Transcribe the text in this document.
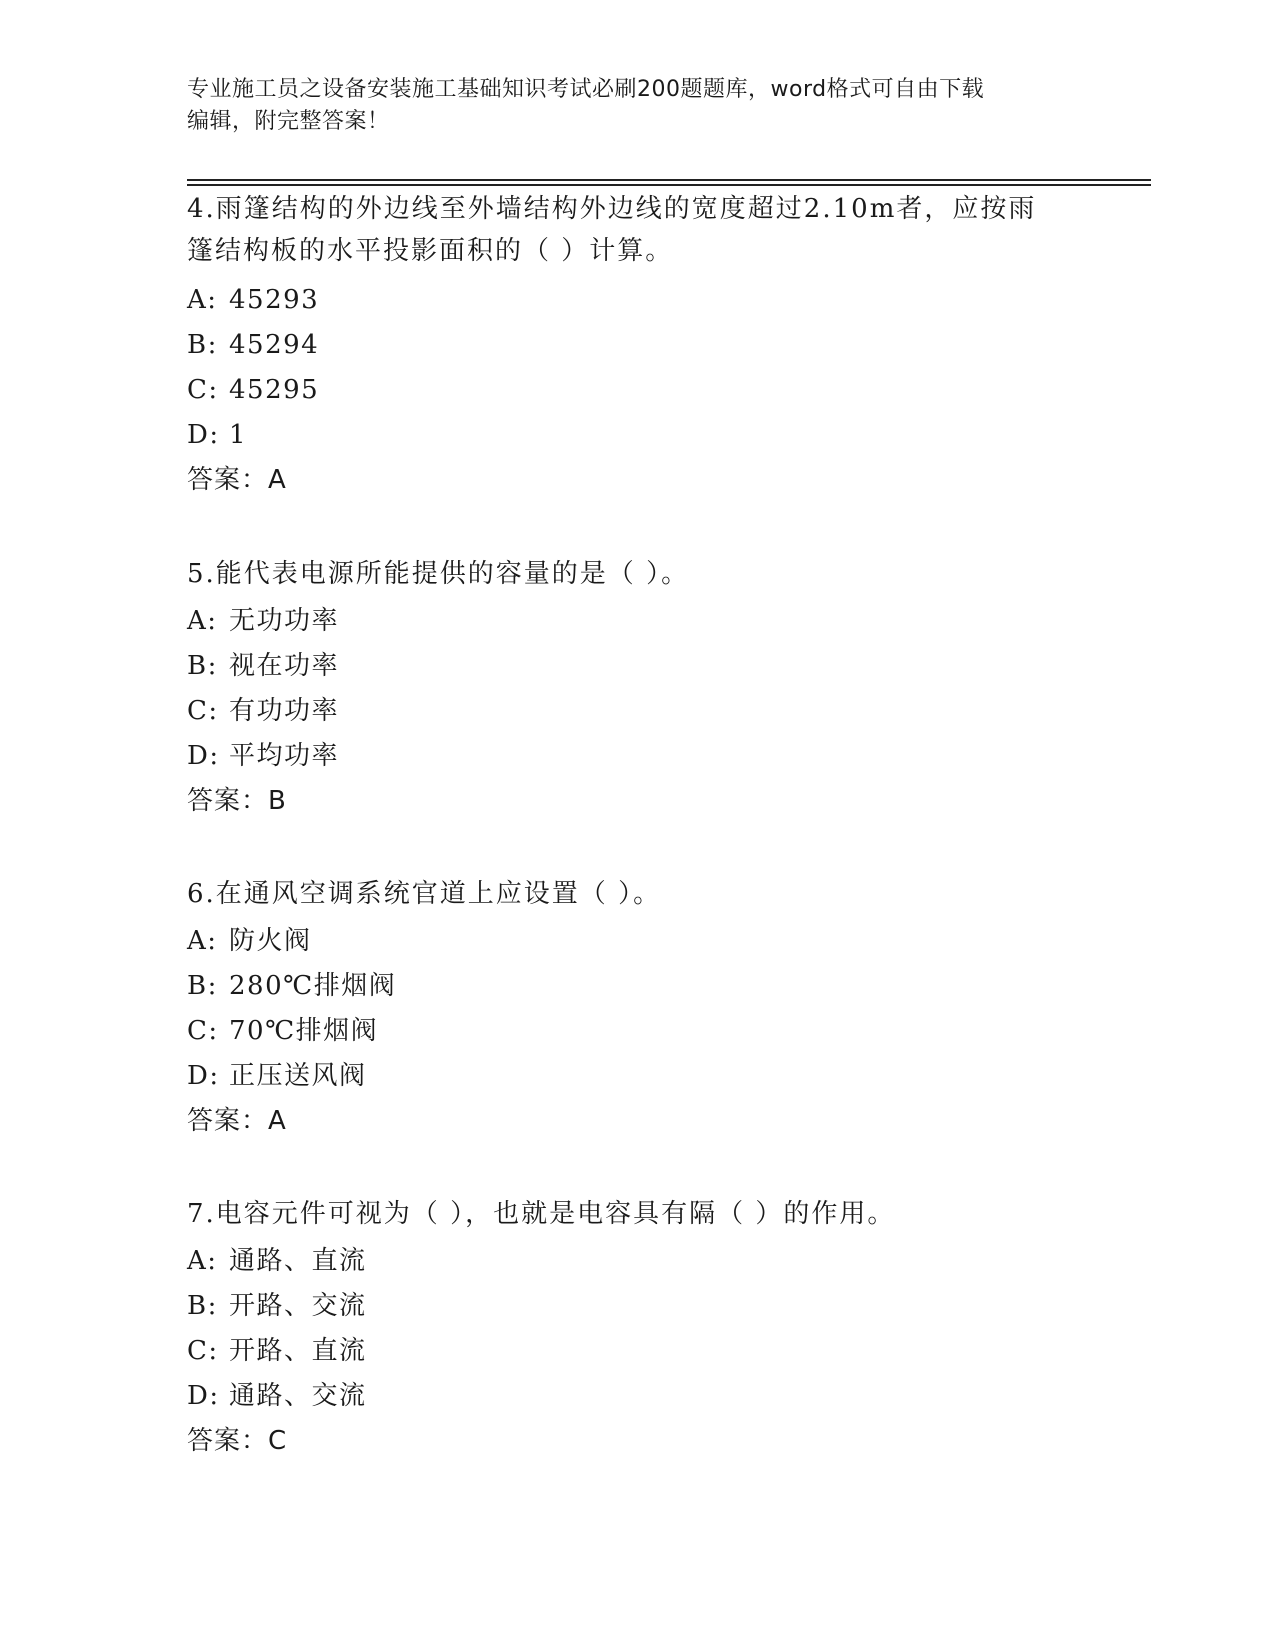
专业施工员之设备安装施工基础知识考试必刷200题题库，word格式可自由下载
编辑，附完整答案！

4.雨篷结构的外边线至外墙结构外边线的宽度超过2.10m者，应按雨

篷结构板的水平投影面积的（ ）计算。

A: 45293
B: 45294
C: 45295
D: 1
答案：A

5.能代表电源所能提供的容量的是（ ）。

A: 无功功率
B: 视在功率
C: 有功功率
D: 平均功率
答案：B

6.在通风空调系统官道上应设置（ ）。

A: 防火阀
B: 280℃排烟阀
C: 70℃排烟阀
D: 正压送风阀
答案：A

7.电容元件可视为（ ），也就是电容具有隔（ ）的作用。

A: 通路、直流
B: 开路、交流
C: 开路、直流
D: 通路、交流
答案：C
